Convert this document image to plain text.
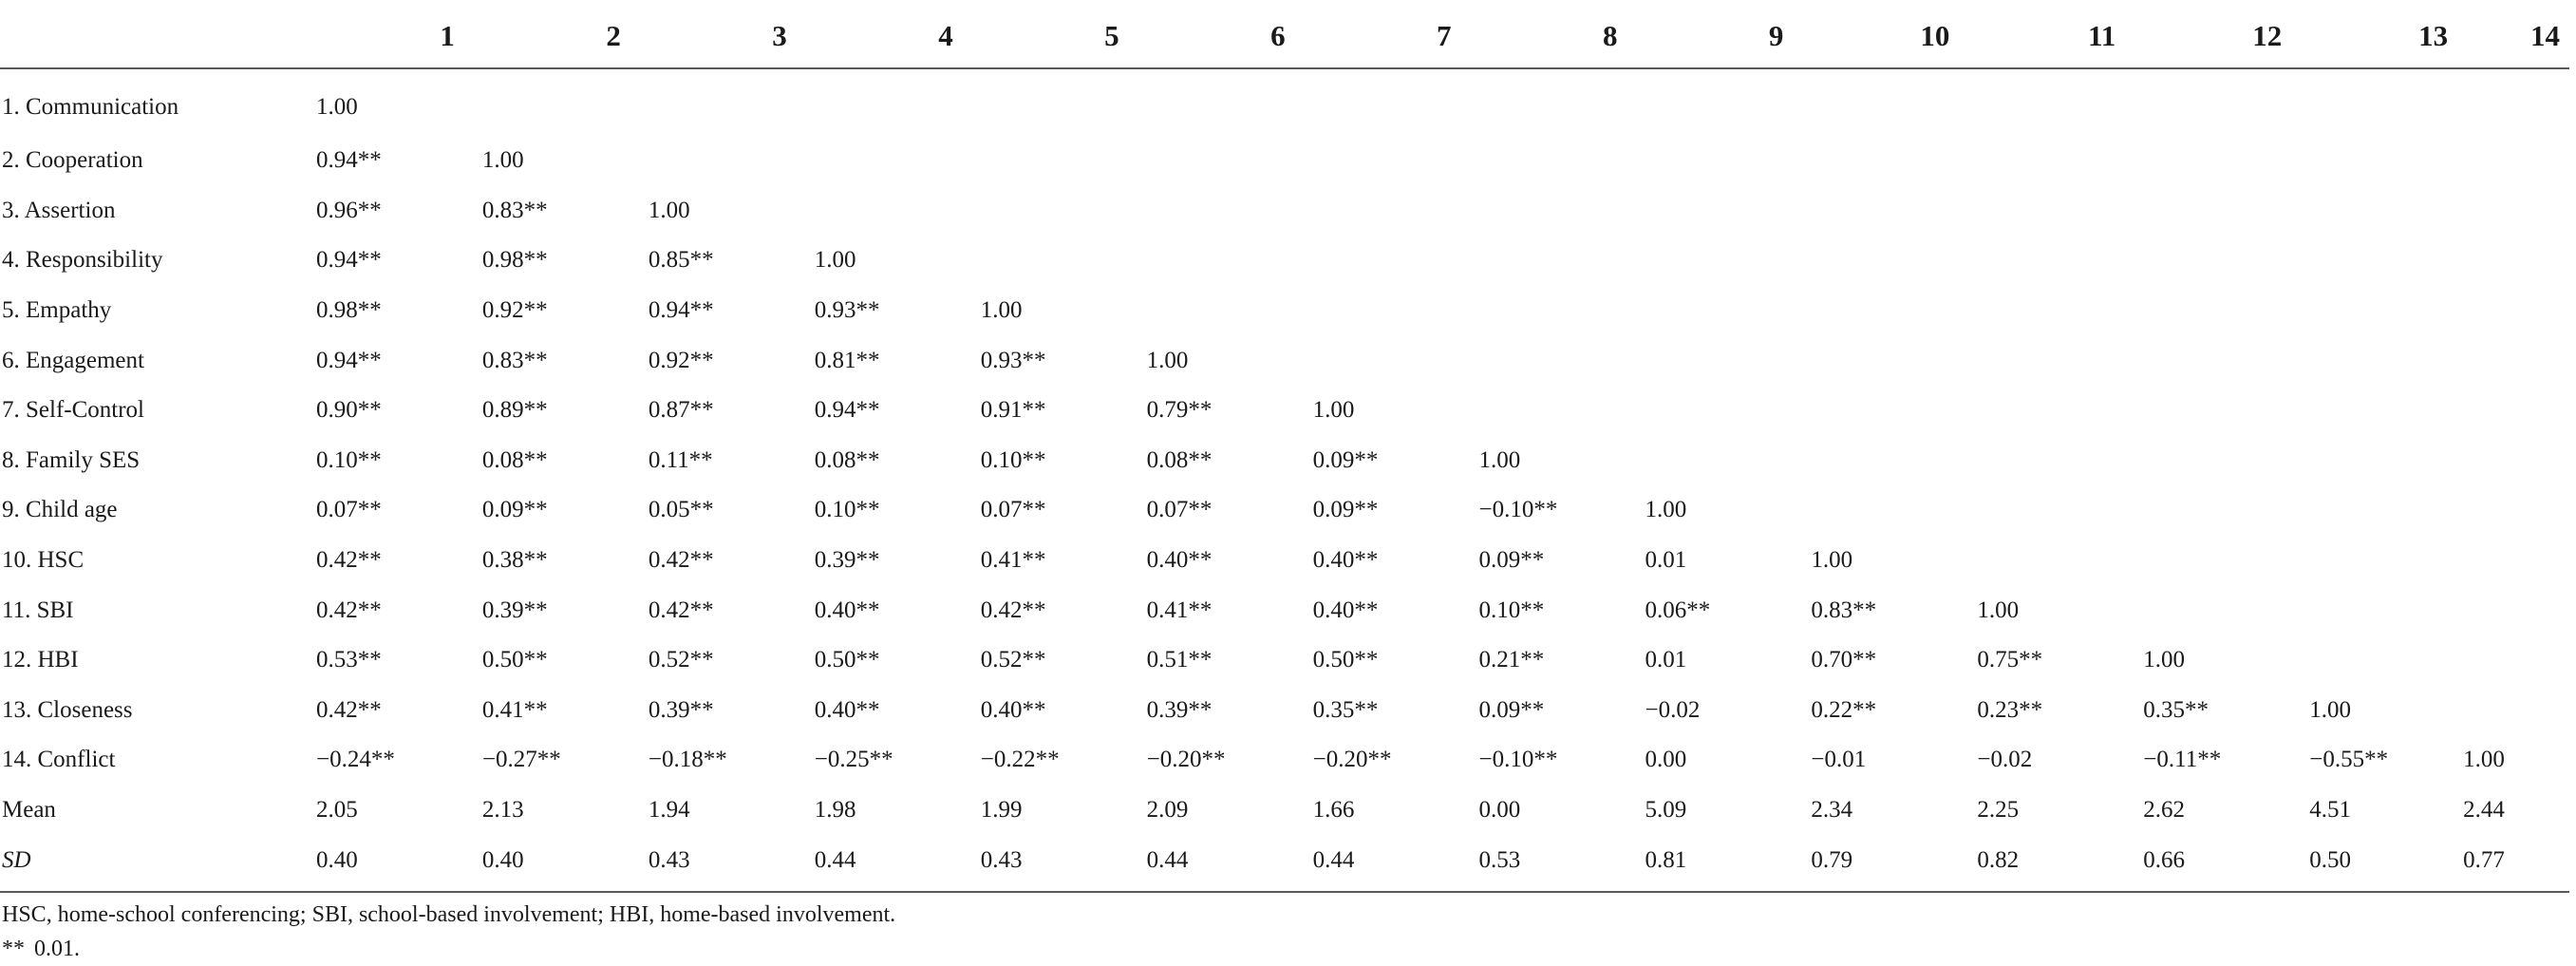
	1	2	3	4	5	6	7	8	9	10	11	12	13	14
1. Communication	1.00													
2. Cooperation	0.94**	1.00												
3. Assertion	0.96**	0.83**	1.00											
4. Responsibility	0.94**	0.98**	0.85**	1.00										
5. Empathy	0.98**	0.92**	0.94**	0.93**	1.00									
6. Engagement	0.94**	0.83**	0.92**	0.81**	0.93**	1.00								
7. Self-Control	0.90**	0.89**	0.87**	0.94**	0.91**	0.79**	1.00							
8. Family SES	0.10**	0.08**	0.11**	0.08**	0.10**	0.08**	0.09**	1.00						
9. Child age	0.07**	0.09**	0.05**	0.10**	0.07**	0.07**	0.09**	−0.10**	1.00					
10. HSC	0.42**	0.38**	0.42**	0.39**	0.41**	0.40**	0.40**	0.09**	0.01	1.00				
11. SBI	0.42**	0.39**	0.42**	0.40**	0.42**	0.41**	0.40**	0.10**	0.06**	0.83**	1.00			
12. HBI	0.53**	0.50**	0.52**	0.50**	0.52**	0.51**	0.50**	0.21**	0.01	0.70**	0.75**	1.00		
13. Closeness	0.42**	0.41**	0.39**	0.40**	0.40**	0.39**	0.35**	0.09**	−0.02	0.22**	0.23**	0.35**	1.00	
14. Conflict	−0.24**	−0.27**	−0.18**	−0.25**	−0.22**	−0.20**	−0.20**	−0.10**	0.00	−0.01	−0.02	−0.11**	−0.55**	1.00
Mean	2.05	2.13	1.94	1.98	1.99	2.09	1.66	0.00	5.09	2.34	2.25	2.62	4.51	2.44
SD	0.40	0.40	0.43	0.44	0.43	0.44	0.44	0.53	0.81	0.79	0.82	0.66	0.50	0.77
HSC, home-school conferencing; SBI, school-based involvement; HBI, home-based involvement.
** 0.01.
